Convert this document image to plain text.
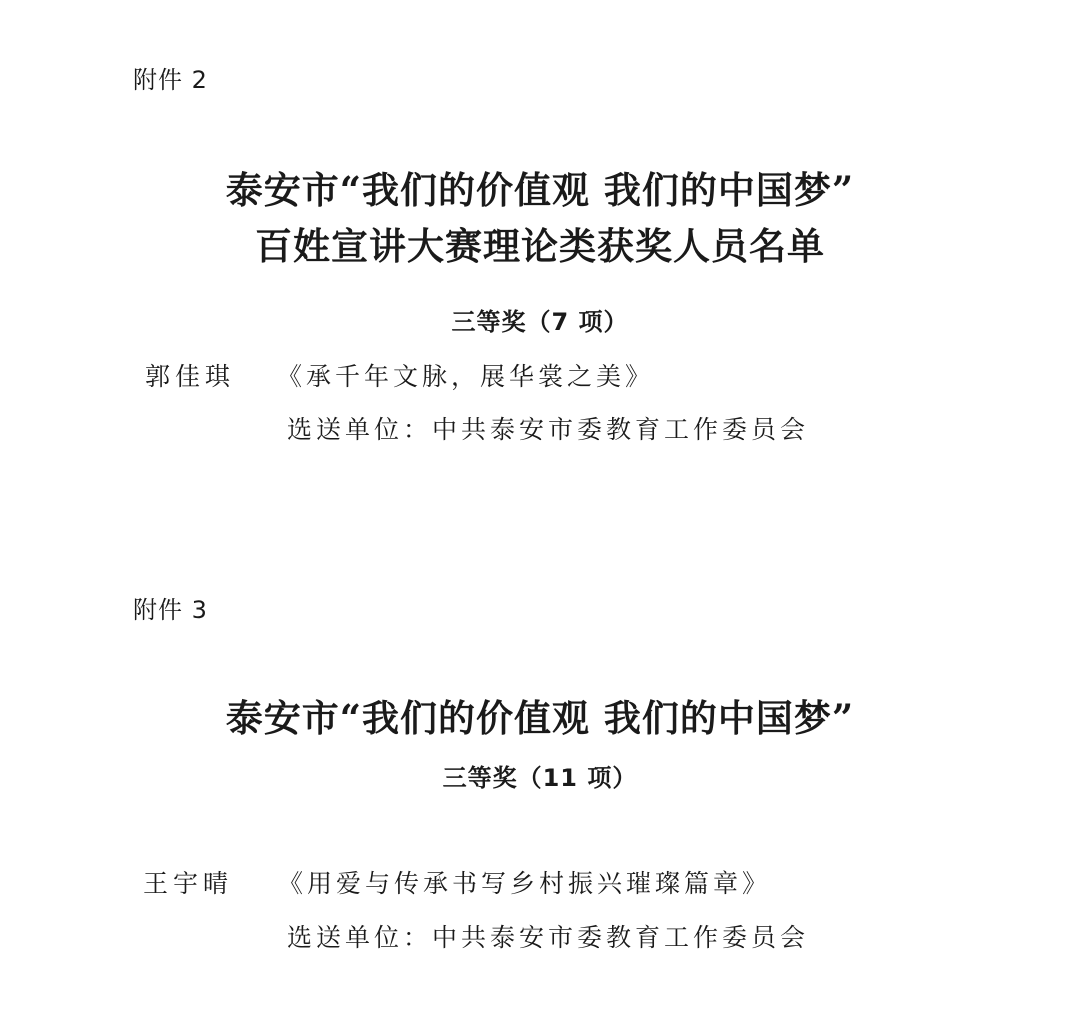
附件 2
泰安市“我们的价值观 我们的中国梦”
百姓宣讲大赛理论类获奖人员名单
三等奖（7 项）
郭佳琪 《承千年文脉，展华裳之美》
选送单位：中共泰安市委教育工作委员会
附件 3
泰安市“我们的价值观 我们的中国梦”
三等奖（11 项）
王宇晴 《用爱与传承书写乡村振兴璀璨篇章》
选送单位：中共泰安市委教育工作委员会
